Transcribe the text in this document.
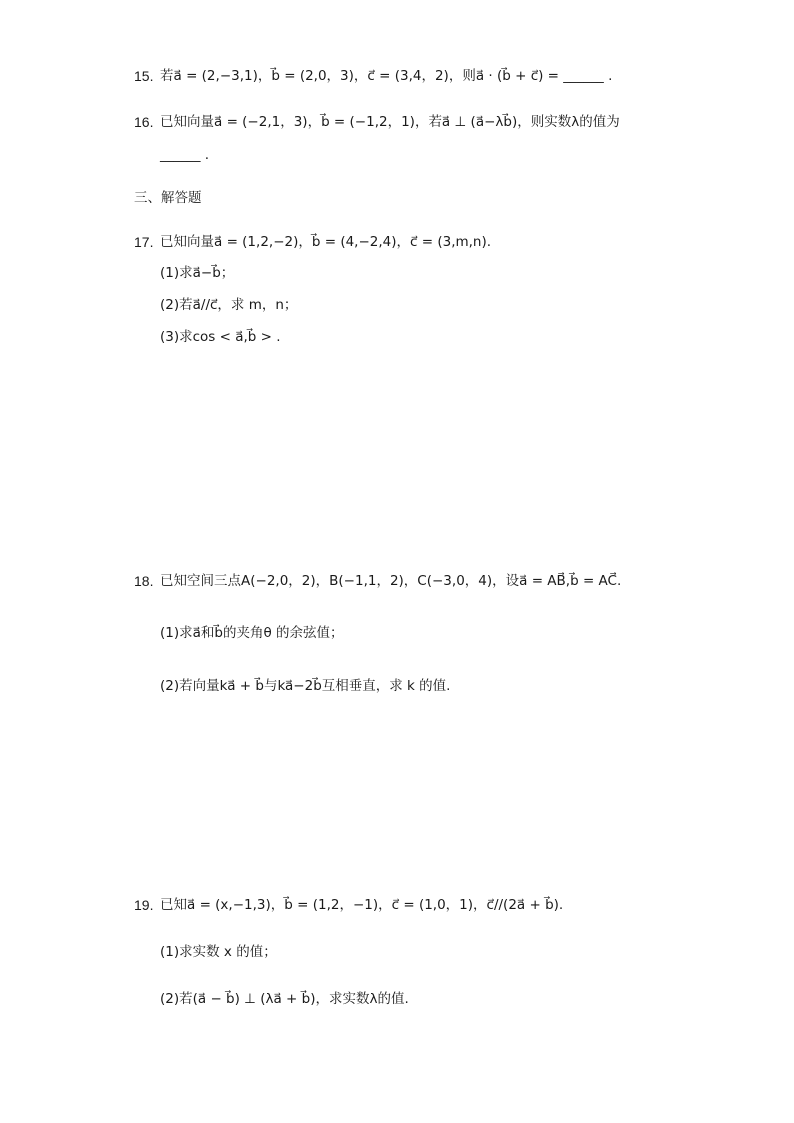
15. 若a⃗ = (2,−3,1)，b⃗ = (2,0，3)，c⃗ = (3,4，2)，则a⃗ · (b⃗ + c⃗) = ______ .
16. 已知向量a⃗ = (−2,1，3)，b⃗ = (−1,2，1)，若a⃗ ⊥ (a⃗−λb⃗)，则实数λ的值为
______ .
三、解答题
17. 已知向量a⃗ = (1,2,−2)，b⃗ = (4,−2,4)，c⃗ = (3,m,n).
(1)求a⃗−b⃗；
(2)若a⃗//c⃗，求 m，n；
(3)求cos < a⃗,b⃗ > .
18. 已知空间三点A(−2,0，2)，B(−1,1，2)，C(−3,0，4)，设a⃗ = AB⃗,b⃗ = AC⃗.
(1)求a⃗和b⃗的夹角θ 的余弦值；
(2)若向量ka⃗ + b⃗与ka⃗−2b⃗互相垂直，求 k 的值.
19. 已知a⃗ = (x,−1,3)，b⃗ = (1,2，−1)，c⃗ = (1,0，1)，c⃗//(2a⃗ + b⃗).
(1)求实数 x 的值；
(2)若(a⃗ − b⃗) ⊥ (λa⃗ + b⃗)，求实数λ的值.
